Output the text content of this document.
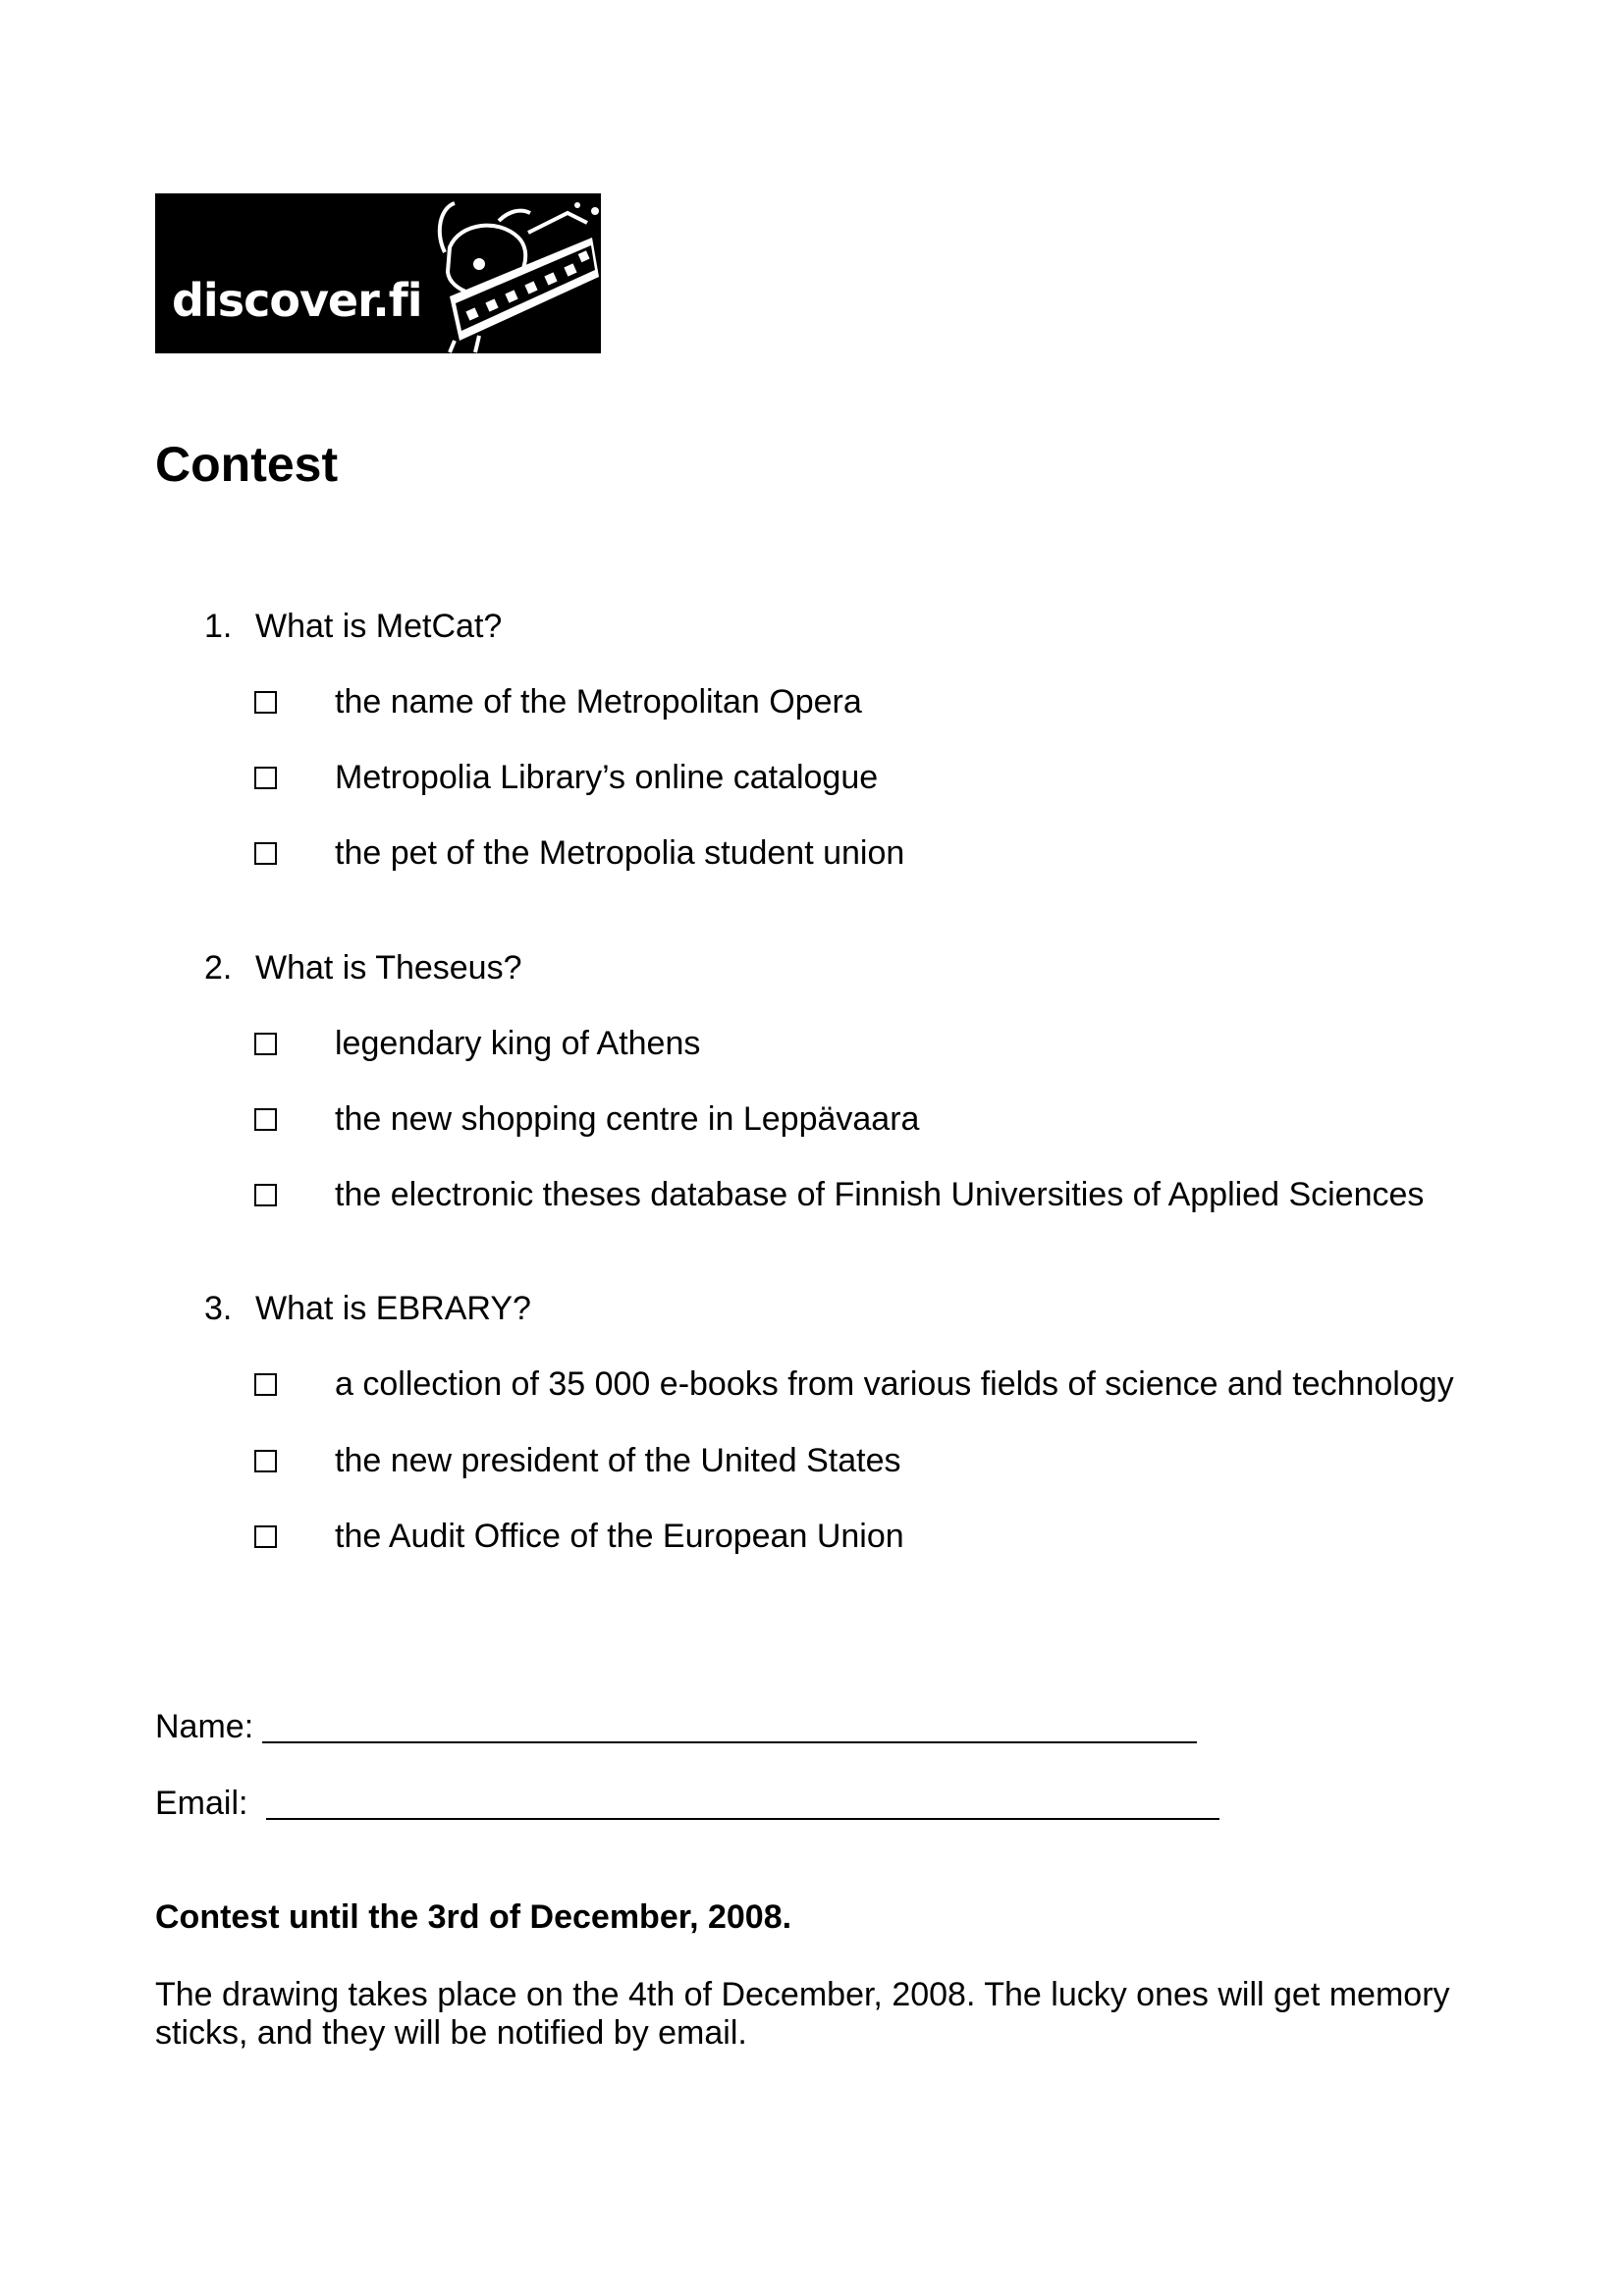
discover.fi
Contest
1. What is MetCat?
the name of the Metropolitan Opera
Metropolia Library’s online catalogue
the pet of the Metropolia student union
2. What is Theseus?
legendary king of Athens
the new shopping centre in Leppävaara
the electronic theses database of Finnish Universities of Applied Sciences
3. What is EBRARY?
a collection of 35 000 e-books from various fields of science and technology
the new president of the United States
the Audit Office of the European Union
Name:
Email:
Contest until the 3rd of December, 2008.

The drawing takes place on the 4th of December, 2008. The lucky ones will get memory sticks, and they will be notified by email.
